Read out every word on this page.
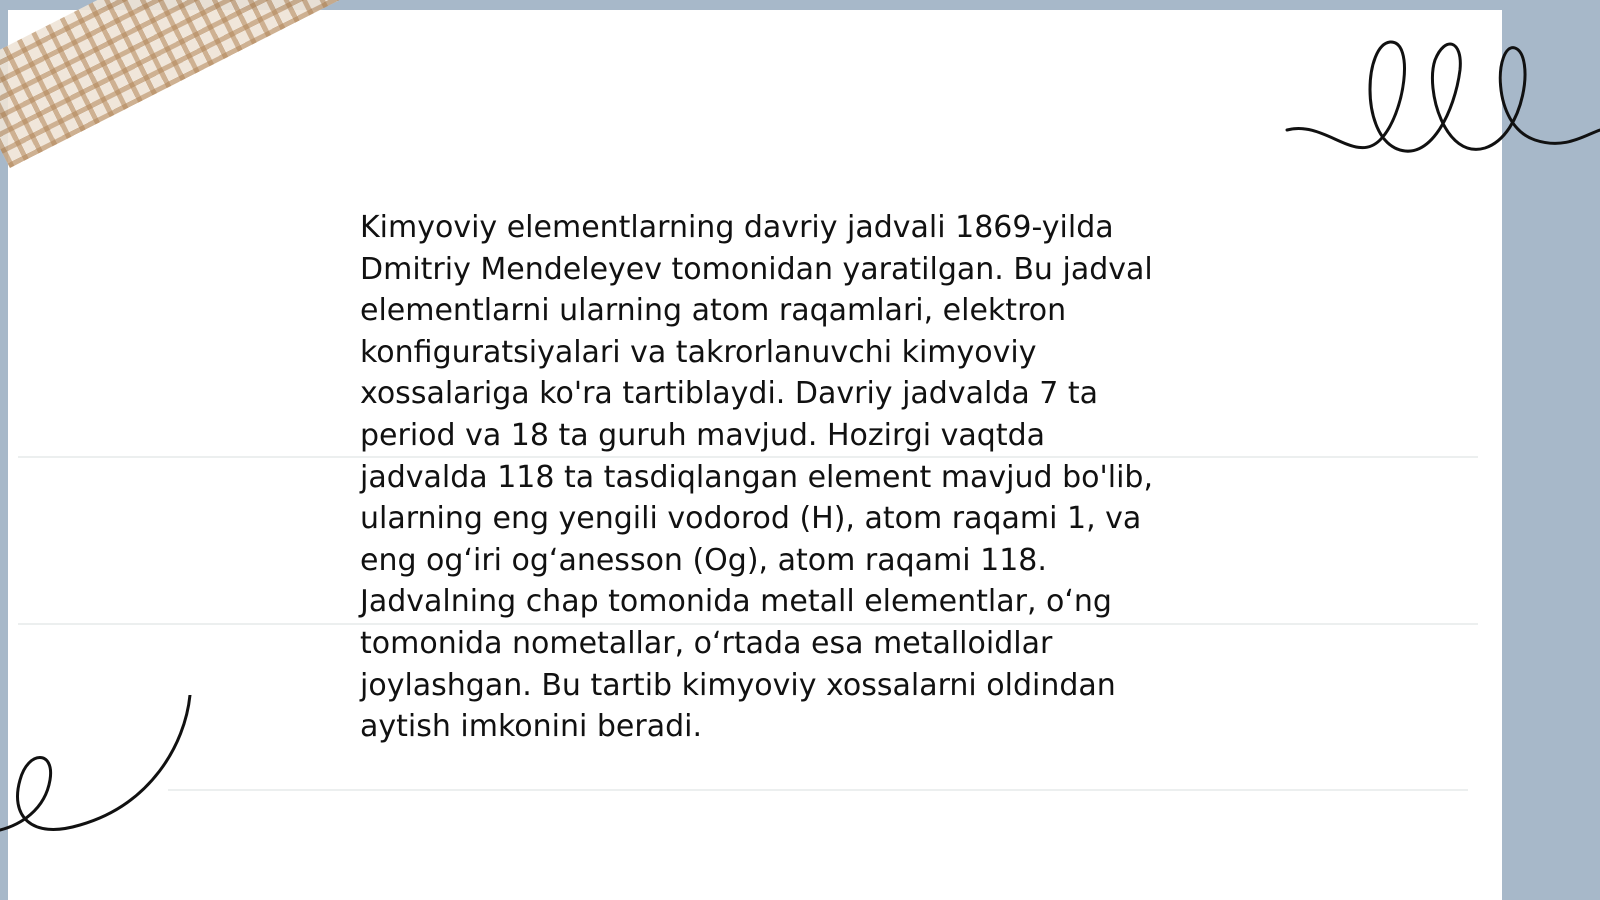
Kimyoviy elementlarning davriy jadvali 1869-yilda
Dmitriy Mendeleyev tomonidan yaratilgan. Bu jadval
elementlarni ularning atom raqamlari, elektron
konfiguratsiyalari va takrorlanuvchi kimyoviy
xossalariga ko'ra tartiblaydi. Davriy jadvalda 7 ta
period va 18 ta guruh mavjud. Hozirgi vaqtda
jadvalda 118 ta tasdiqlangan element mavjud bo'lib,
ularning eng yengili vodorod (H), atom raqami 1, va
eng og‘iri og‘anesson (Og), atom raqami 118.
Jadvalning chap tomonida metall elementlar, o‘ng
tomonida nometallar, o‘rtada esa metalloidlar
joylashgan. Bu tartib kimyoviy xossalarni oldindan
aytish imkonini beradi.
